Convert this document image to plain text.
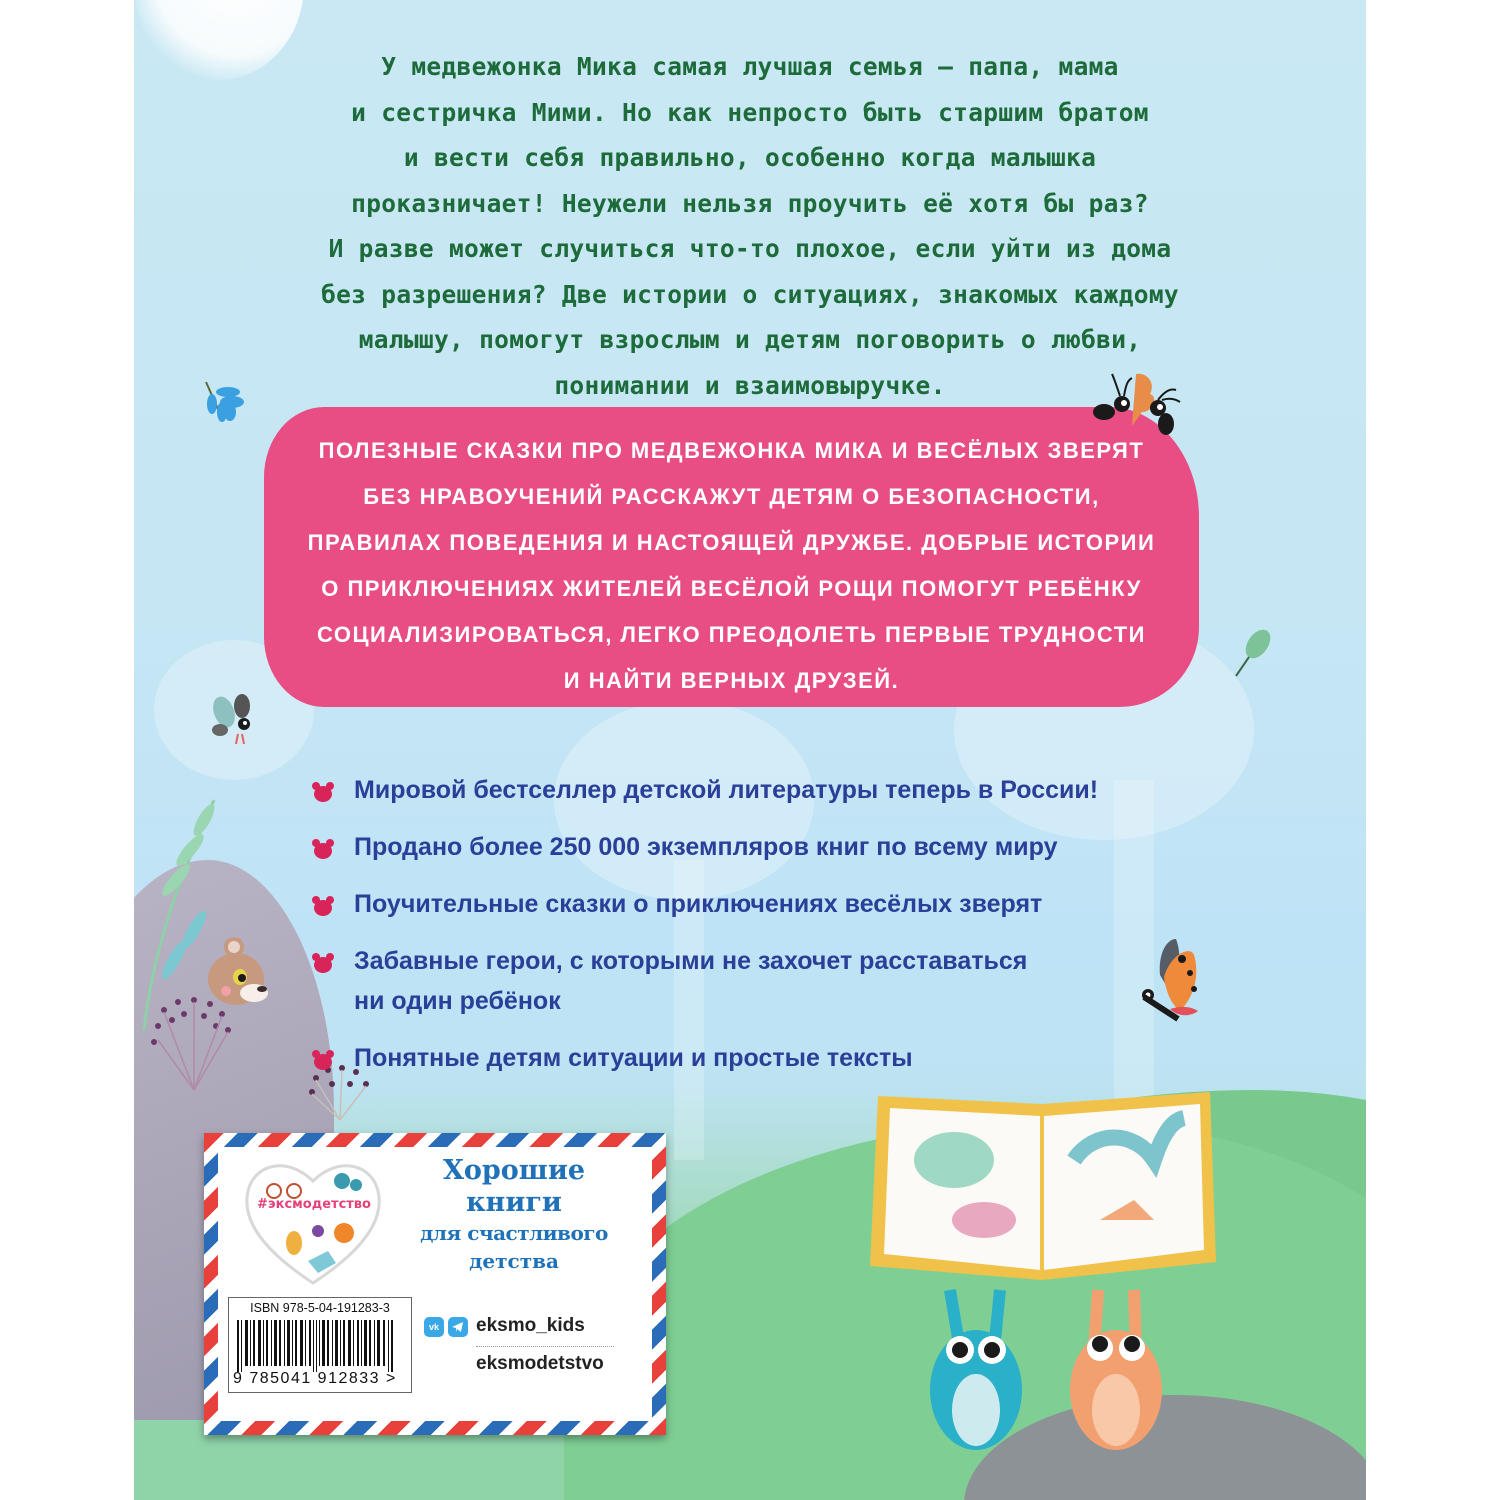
У медвежонка Мика самая лучшая семья — папа, мама
и сестричка Мими. Но как непросто быть старшим братом
и вести себя правильно, особенно когда малышка
проказничает! Неужели нельзя проучить её хотя бы раз?
И разве может случиться что-то плохое, если уйти из дома
без разрешения? Две истории о ситуациях, знакомых каждому
малышу, помогут взрослым и детям поговорить о любви,
понимании и взаимовыручке.
ПОЛЕЗНЫЕ СКАЗКИ ПРО МЕДВЕЖОНКА МИКА И ВЕСЁЛЫХ ЗВЕРЯТ
БЕЗ НРАВОУЧЕНИЙ РАССКАЖУТ ДЕТЯМ О БЕЗОПАСНОСТИ,
ПРАВИЛАХ ПОВЕДЕНИЯ И НАСТОЯЩЕЙ ДРУЖБЕ. ДОБРЫЕ ИСТОРИИ
О ПРИКЛЮЧЕНИЯХ ЖИТЕЛЕЙ ВЕСЁЛОЙ РОЩИ ПОМОГУТ РЕБЁНКУ
СОЦИАЛИЗИРОВАТЬСЯ, ЛЕГКО ПРЕОДОЛЕТЬ ПЕРВЫЕ ТРУДНОСТИ
И НАЙТИ ВЕРНЫХ ДРУЗЕЙ.
Мировой бестселлер детской литературы теперь в России!
Продано более 250 000 экземпляров книг по всему миру
Поучительные сказки о приключениях весёлых зверят
Забавные герои, с которыми не захочет расставаться
ни один ребёнок
Понятные детям ситуации и простые тексты
#эксмодетство
ISBN 978-5-04-191283-3
9 785041 912833 >
Хорошие
книги
для счастливого
детства
vk eksmo_kids
eksmodetstvo
